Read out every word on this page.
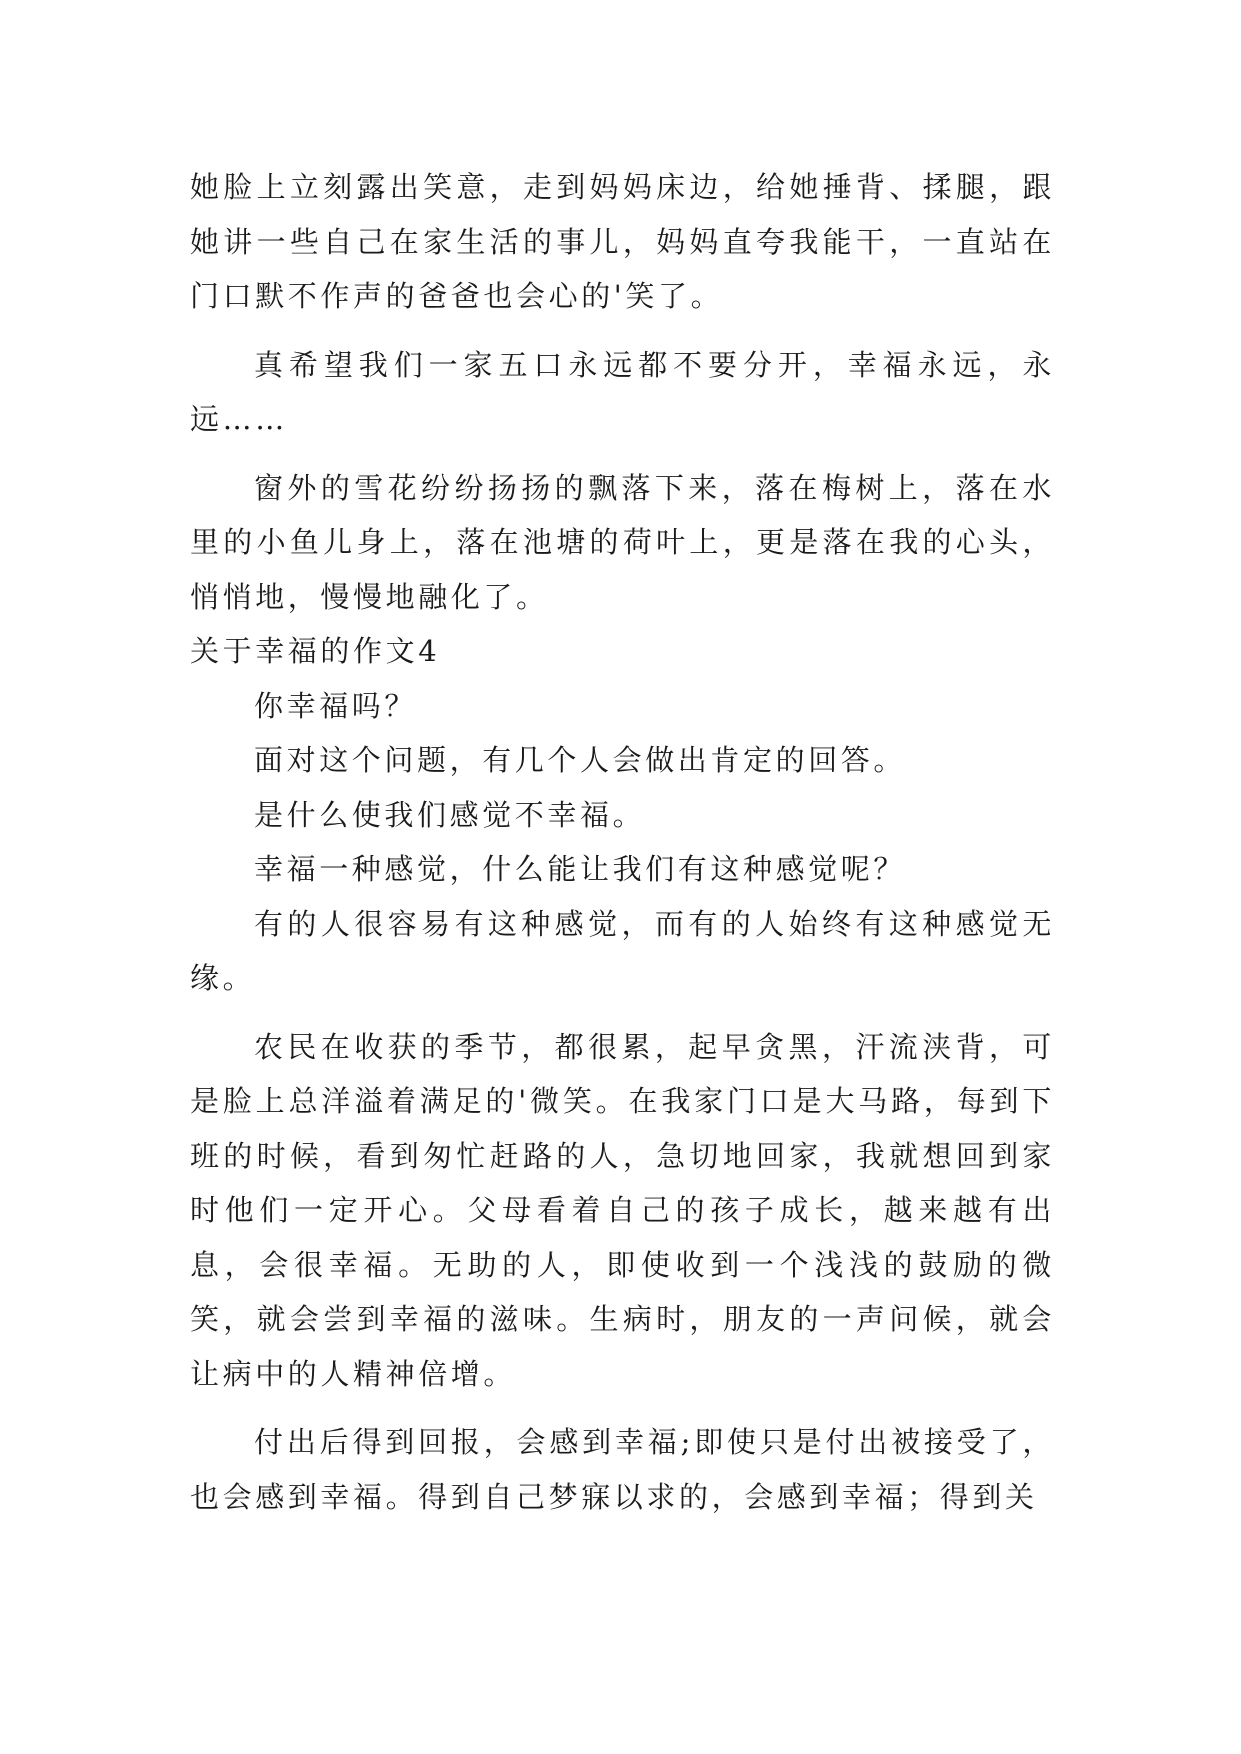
她脸上立刻露出笑意，走到妈妈床边，给她捶背、揉腿，跟她讲一些自己在家生活的事儿，妈妈直夸我能干，一直站在门口默不作声的爸爸也会心的'笑了。

真希望我们一家五口永远都不要分开，幸福永远，永远……

窗外的雪花纷纷扬扬的飘落下来，落在梅树上，落在水里的小鱼儿身上，落在池塘的荷叶上，更是落在我的心头，悄悄地，慢慢地融化了。

关于幸福的作文4

你幸福吗？

面对这个问题，有几个人会做出肯定的回答。

是什么使我们感觉不幸福。

幸福一种感觉，什么能让我们有这种感觉呢？

有的人很容易有这种感觉，而有的人始终有这种感觉无缘。

农民在收获的季节，都很累，起早贪黑，汗流浃背，可是脸上总洋溢着满足的'微笑。在我家门口是大马路，每到下班的时候，看到匆忙赶路的人，急切地回家，我就想回到家时他们一定开心。父母看着自己的孩子成长，越来越有出息，会很幸福。无助的人，即使收到一个浅浅的鼓励的微笑，就会尝到幸福的滋味。生病时，朋友的一声问候，就会让病中的人精神倍增。

付出后得到回报，会感到幸福;即使只是付出被接受了，也会感到幸福。得到自己梦寐以求的，会感到幸福；得到关
